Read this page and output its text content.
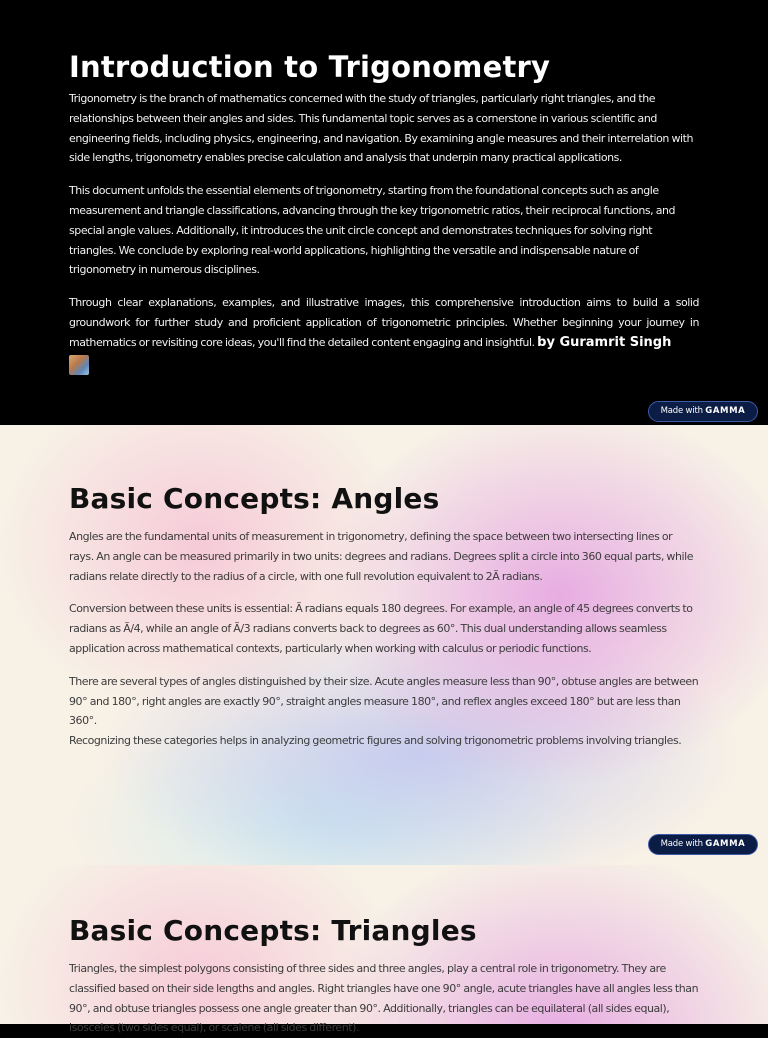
Introduction to Trigonometry

Trigonometry is the branch of mathematics concerned with the study of triangles, particularly right triangles, and the relationships between their angles and sides. This fundamental topic serves as a cornerstone in various scientific and engineering fields, including physics, engineering, and navigation. By examining angle measures and their interrelation with side lengths, trigonometry enables precise calculation and analysis that underpin many practical applications.

This document unfolds the essential elements of trigonometry, starting from the foundational concepts such as angle measurement and triangle classifications, advancing through the key trigonometric ratios, their reciprocal functions, and special angle values. Additionally, it introduces the unit circle concept and demonstrates techniques for solving right triangles. We conclude by exploring real-world applications, highlighting the versatile and indispensable nature of trigonometry in numerous disciplines.

Through clear explanations, examples, and illustrative images, this comprehensive introduction aims to build a solid groundwork for further study and proficient application of trigonometric principles. Whether beginning your journey in mathematics or revisiting core ideas, you'll find the detailed content engaging and insightful. by Guramrit Singh

Made with GAMMA
Basic Concepts: Angles

Angles are the fundamental units of measurement in trigonometry, defining the space between two intersecting lines or rays. An angle can be measured primarily in two units: degrees and radians. Degrees split a circle into 360 equal parts, while radians relate directly to the radius of a circle, with one full revolution equivalent to 2Ã radians.

Conversion between these units is essential: Ã radians equals 180 degrees. For example, an angle of 45 degrees converts to radians as Ã/4, while an angle of Ã/3 radians converts back to degrees as 60°. This dual understanding allows seamless application across mathematical contexts, particularly when working with calculus or periodic functions.

There are several types of angles distinguished by their size. Acute angles measure less than 90°, obtuse angles are between 90° and 180°, right angles are exactly 90°, straight angles measure 180°, and reflex angles exceed 180° but are less than 360°.
Recognizing these categories helps in analyzing geometric figures and solving trigonometric problems involving triangles.

Made with GAMMA
Basic Concepts: Triangles

Triangles, the simplest polygons consisting of three sides and three angles, play a central role in trigonometry. They are classified based on their side lengths and angles. Right triangles have one 90° angle, acute triangles have all angles less than 90°, and obtuse triangles possess one angle greater than 90°. Additionally, triangles can be equilateral (all sides equal), isosceles (two sides equal), or scalene (all sides different).
